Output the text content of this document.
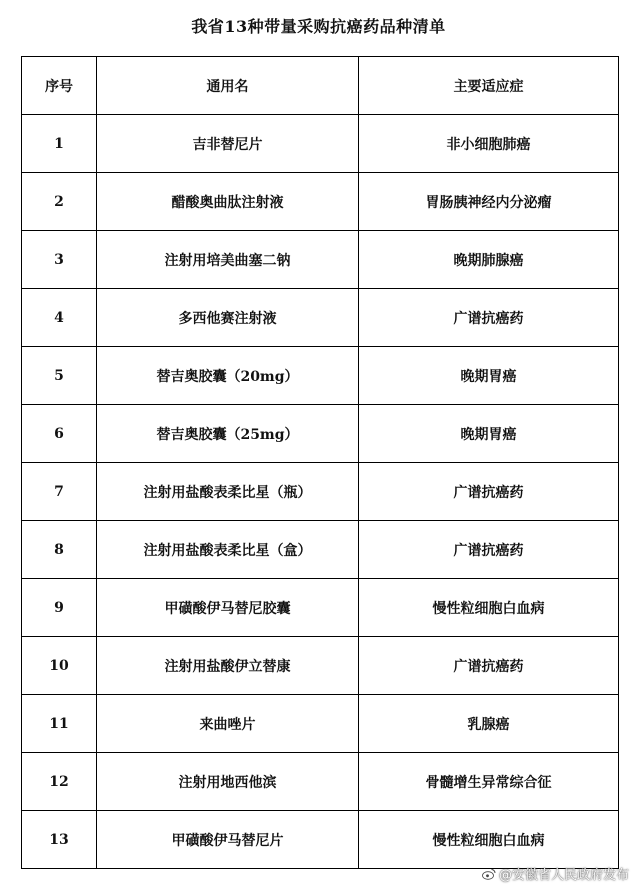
我省13种带量采购抗癌药品种清单
序号	通用名	主要适应症
1	吉非替尼片	非小细胞肺癌
2	醋酸奥曲肽注射液	胃肠胰神经内分泌瘤
3	注射用培美曲塞二钠	晚期肺腺癌
4	多西他赛注射液	广谱抗癌药
5	替吉奥胶囊（20mg）	晚期胃癌
6	替吉奥胶囊（25mg）	晚期胃癌
7	注射用盐酸表柔比星（瓶）	广谱抗癌药
8	注射用盐酸表柔比星（盒）	广谱抗癌药
9	甲磺酸伊马替尼胶囊	慢性粒细胞白血病
10	注射用盐酸伊立替康	广谱抗癌药
11	来曲唑片	乳腺癌
12	注射用地西他滨	骨髓增生异常综合征
13	甲磺酸伊马替尼片	慢性粒细胞白血病
@安徽省人民政府发布
